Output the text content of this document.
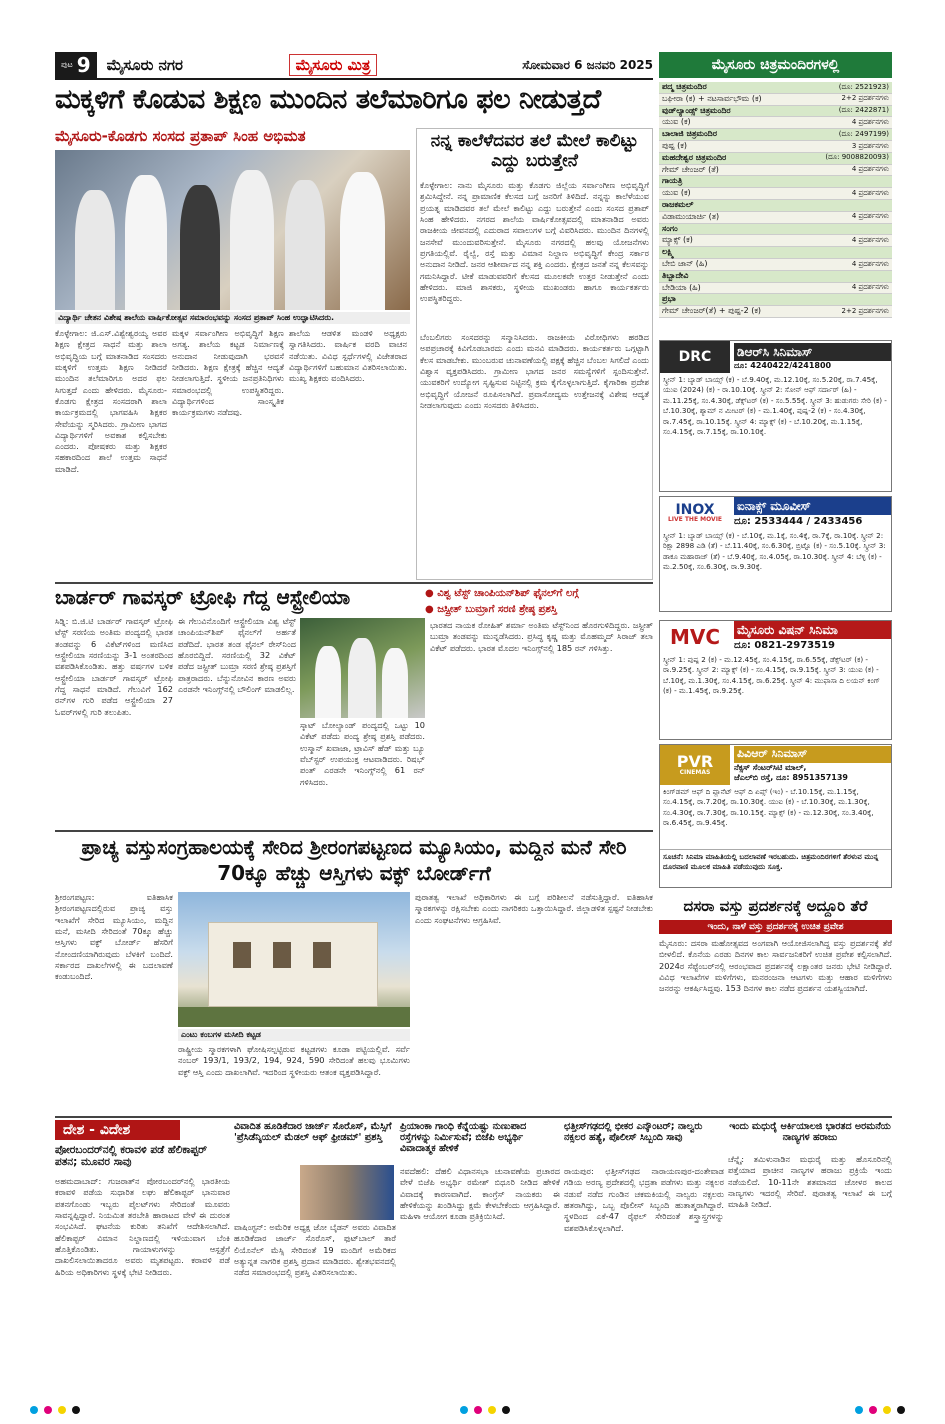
ಪುಟ 9 ಮೈಸೂರು ನಗರ	ಮೈಸೂರು ಮಿತ್ರ	ಸೋಮವಾರ 6 ಜನವರಿ 2025
ಮಕ್ಕಳಿಗೆ ಕೊಡುವ ಶಿಕ್ಷಣ ಮುಂದಿನ ತಲೆಮಾರಿಗೂ ಫಲ ನೀಡುತ್ತದೆ
ಮೈಸೂರು-ಕೊಡಗು ಸಂಸದ ಪ್ರತಾಪ್ ಸಿಂಹ ಅಭಿಮತ
ವಿದ್ಯಾರ್ಥಿ ಚೇತನ ವಿಶೇಷ ಶಾಲೆಯ ವಾರ್ಷಿಕೋತ್ಸವ ಸಮಾರಂಭವನ್ನು ಸಂಸದ ಪ್ರತಾಪ್ ಸಿಂಹ ಉದ್ಘಾಟಿಸಿದರು.
ಕೊಳ್ಳೇಗಾಲ: ಜಿ.ಎಸ್.ವಿಶ್ವೇಶ್ವರಯ್ಯ ಅವರ ಶಿಕ್ಷಣ ಕ್ಷೇತ್ರದ ಸಾಧನೆ ಮತ್ತು ಶಾಲಾ ಅಭಿವೃದ್ಧಿಯ ಬಗ್ಗೆ ಮಾತನಾಡಿದ ಸಂಸದರು ಮಕ್ಕಳಿಗೆ ಉತ್ತಮ ಶಿಕ್ಷಣ ನೀಡಿದರೆ ಮುಂದಿನ ತಲೆಮಾರಿಗೂ ಅದರ ಫಲ ಸಿಗುತ್ತದೆ ಎಂದು ಹೇಳಿದರು. ಮೈಸೂರು-ಕೊಡಗು ಕ್ಷೇತ್ರದ ಸಂಸದರಾಗಿ ಶಾಲಾ ಕಾರ್ಯಕ್ರಮದಲ್ಲಿ ಭಾಗವಹಿಸಿ ಶಿಕ್ಷಕರ ಸೇವೆಯನ್ನು ಸ್ಮರಿಸಿದರು. ಗ್ರಾಮೀಣ ಭಾಗದ ವಿದ್ಯಾರ್ಥಿಗಳಿಗೆ ಅವಕಾಶ ಕಲ್ಪಿಸಬೇಕು ಎಂದರು. ಪೋಷಕರು ಮತ್ತು ಶಿಕ್ಷಕರ ಸಹಕಾರದಿಂದ ಶಾಲೆ ಉತ್ತಮ ಸಾಧನೆ ಮಾಡಿದೆ.
ಮಕ್ಕಳ ಸರ್ವಾಂಗೀಣ ಅಭಿವೃದ್ಧಿಗೆ ಶಿಕ್ಷಣ ಅಗತ್ಯ. ಶಾಲೆಯ ಕಟ್ಟಡ ನಿರ್ಮಾಣಕ್ಕೆ ಅನುದಾನ ನೀಡುವುದಾಗಿ ಭರವಸೆ ನೀಡಿದರು. ಶಿಕ್ಷಣ ಕ್ಷೇತ್ರಕ್ಕೆ ಹೆಚ್ಚಿನ ಆದ್ಯತೆ ನೀಡಲಾಗುತ್ತಿದೆ. ಸ್ಥಳೀಯ ಜನಪ್ರತಿನಿಧಿಗಳು ಸಮಾರಂಭದಲ್ಲಿ ಉಪಸ್ಥಿತರಿದ್ದರು. ವಿದ್ಯಾರ್ಥಿಗಳಿಂದ ಸಾಂಸ್ಕೃತಿಕ ಕಾರ್ಯಕ್ರಮಗಳು ನಡೆದವು.
ಶಾಲೆಯ ಆಡಳಿತ ಮಂಡಳಿ ಅಧ್ಯಕ್ಷರು ಸ್ವಾಗತಿಸಿದರು. ವಾರ್ಷಿಕ ವರದಿ ವಾಚನ ನಡೆಯಿತು. ವಿವಿಧ ಸ್ಪರ್ಧೆಗಳಲ್ಲಿ ವಿಜೇತರಾದ ವಿದ್ಯಾರ್ಥಿಗಳಿಗೆ ಬಹುಮಾನ ವಿತರಿಸಲಾಯಿತು. ಮುಖ್ಯ ಶಿಕ್ಷಕರು ವಂದಿಸಿದರು.
ನನ್ನ ಕಾಲೆಳೆದವರ ತಲೆ ಮೇಲೆ ಕಾಲಿಟ್ಟು ಎದ್ದು ಬರುತ್ತೇನೆ
ಕೊಳ್ಳೇಗಾಲ: ನಾನು ಮೈಸೂರು ಮತ್ತು ಕೊಡಗು ಜಿಲ್ಲೆಯ ಸರ್ವಾಂಗೀಣ ಅಭಿವೃದ್ಧಿಗೆ ಶ್ರಮಿಸಿದ್ದೇನೆ. ನನ್ನ ಪ್ರಾಮಾಣಿಕ ಕೆಲಸದ ಬಗ್ಗೆ ಜನರಿಗೆ ತಿಳಿದಿದೆ. ನನ್ನನ್ನು ಕಾಲೆಳೆಯುವ ಪ್ರಯತ್ನ ಮಾಡಿದವರ ತಲೆ ಮೇಲೆ ಕಾಲಿಟ್ಟು ಎದ್ದು ಬರುತ್ತೇನೆ ಎಂದು ಸಂಸದ ಪ್ರತಾಪ್ ಸಿಂಹ ಹೇಳಿದರು. ನಗರದ ಶಾಲೆಯ ವಾರ್ಷಿಕೋತ್ಸವದಲ್ಲಿ ಮಾತನಾಡಿದ ಅವರು ರಾಜಕೀಯ ಜೀವನದಲ್ಲಿ ಎದುರಾದ ಸವಾಲುಗಳ ಬಗ್ಗೆ ವಿವರಿಸಿದರು. ಮುಂದಿನ ದಿನಗಳಲ್ಲಿ ಜನಸೇವೆ ಮುಂದುವರಿಸುತ್ತೇನೆ. ಮೈಸೂರು ನಗರದಲ್ಲಿ ಹಲವು ಯೋಜನೆಗಳು ಪ್ರಗತಿಯಲ್ಲಿವೆ. ರೈಲ್ವೆ, ರಸ್ತೆ ಮತ್ತು ವಿಮಾನ ನಿಲ್ದಾಣ ಅಭಿವೃದ್ಧಿಗೆ ಕೇಂದ್ರ ಸರ್ಕಾರ ಅನುದಾನ ನೀಡಿದೆ. ಜನರ ಆಶೀರ್ವಾದ ನನ್ನ ಶಕ್ತಿ ಎಂದರು. ಕ್ಷೇತ್ರದ ಜನತೆ ನನ್ನ ಕೆಲಸವನ್ನು ಗಮನಿಸಿದ್ದಾರೆ. ಟೀಕೆ ಮಾಡುವವರಿಗೆ ಕೆಲಸದ ಮೂಲಕವೇ ಉತ್ತರ ನೀಡುತ್ತೇನೆ ಎಂದು ಹೇಳಿದರು. ಮಾಜಿ ಶಾಸಕರು, ಸ್ಥಳೀಯ ಮುಖಂಡರು ಹಾಗೂ ಕಾರ್ಯಕರ್ತರು ಉಪಸ್ಥಿತರಿದ್ದರು.
ಬೆಂಬಲಿಗರು ಸಂಸದರನ್ನು ಸನ್ಮಾನಿಸಿದರು. ರಾಜಕೀಯ ವಿರೋಧಿಗಳು ಹರಡಿದ ಅಪಪ್ರಚಾರಕ್ಕೆ ಕಿವಿಗೊಡಬಾರದು ಎಂದು ಮನವಿ ಮಾಡಿದರು. ಕಾರ್ಯಕರ್ತರು ಒಗ್ಗಟ್ಟಾಗಿ ಕೆಲಸ ಮಾಡಬೇಕು. ಮುಂಬರುವ ಚುನಾವಣೆಯಲ್ಲಿ ಪಕ್ಷಕ್ಕೆ ಹೆಚ್ಚಿನ ಬೆಂಬಲ ಸಿಗಲಿದೆ ಎಂದು ವಿಶ್ವಾಸ ವ್ಯಕ್ತಪಡಿಸಿದರು. ಗ್ರಾಮೀಣ ಭಾಗದ ಜನರ ಸಮಸ್ಯೆಗಳಿಗೆ ಸ್ಪಂದಿಸುತ್ತೇನೆ. ಯುವಕರಿಗೆ ಉದ್ಯೋಗ ಸೃಷ್ಟಿಸುವ ನಿಟ್ಟಿನಲ್ಲಿ ಕ್ರಮ ಕೈಗೊಳ್ಳಲಾಗುತ್ತಿದೆ. ಕೈಗಾರಿಕಾ ಪ್ರದೇಶ ಅಭಿವೃದ್ಧಿಗೆ ಯೋಜನೆ ರೂಪಿಸಲಾಗಿದೆ. ಪ್ರವಾಸೋದ್ಯಮ ಉತ್ತೇಜನಕ್ಕೆ ವಿಶೇಷ ಆದ್ಯತೆ ನೀಡಲಾಗುವುದು ಎಂದು ಸಂಸದರು ತಿಳಿಸಿದರು.
ಬಾರ್ಡರ್ ಗಾವಸ್ಕರ್ ಟ್ರೋಫಿ ಗೆದ್ದ ಆಸ್ಟ್ರೇಲಿಯಾ	● ವಿಶ್ವ ಟೆಸ್ಟ್ ಚಾಂಪಿಯನ್‌ಶಿಪ್ ಫೈನಲ್‌ಗೆ ಲಗ್ಗೆ
● ಜಸ್ಪ್ರೀತ್ ಬುಮ್ರಾಗೆ ಸರಣಿ ಶ್ರೇಷ್ಠ ಪ್ರಶಸ್ತಿ
ಸಿಡ್ನಿ: ಬಿ.ಜಿ.ಟಿ ಬಾರ್ಡರ್ ಗಾವಸ್ಕರ್ ಟ್ರೋಫಿ ಟೆಸ್ಟ್ ಸರಣಿಯ ಅಂತಿಮ ಪಂದ್ಯದಲ್ಲಿ ಭಾರತ ತಂಡವನ್ನು 6 ವಿಕೆಟ್‌ಗಳಿಂದ ಮಣಿಸಿದ ಆಸ್ಟ್ರೇಲಿಯಾ ಸರಣಿಯನ್ನು 3-1 ಅಂತರದಿಂದ ವಶಪಡಿಸಿಕೊಂಡಿತು. ಹತ್ತು ವರ್ಷಗಳ ಬಳಿಕ ಆಸ್ಟ್ರೇಲಿಯಾ ಬಾರ್ಡರ್ ಗಾವಸ್ಕರ್ ಟ್ರೋಫಿ ಗೆದ್ದ ಸಾಧನೆ ಮಾಡಿದೆ. ಗೆಲುವಿಗೆ 162 ರನ್‌ಗಳ ಗುರಿ ಪಡೆದ ಆಸ್ಟ್ರೇಲಿಯಾ 27 ಓವರ್‌ಗಳಲ್ಲಿ ಗುರಿ ತಲುಪಿತು.
ಈ ಗೆಲುವಿನೊಂದಿಗೆ ಆಸ್ಟ್ರೇಲಿಯಾ ವಿಶ್ವ ಟೆಸ್ಟ್ ಚಾಂಪಿಯನ್‌ಶಿಪ್ ಫೈನಲ್‌ಗೆ ಅರ್ಹತೆ ಪಡೆದಿದೆ. ಭಾರತ ತಂಡ ಫೈನಲ್ ರೇಸ್‌ನಿಂದ ಹೊರಬಿದ್ದಿದೆ. ಸರಣಿಯಲ್ಲಿ 32 ವಿಕೆಟ್ ಪಡೆದ ಜಸ್ಪ್ರೀತ್ ಬುಮ್ರಾ ಸರಣಿ ಶ್ರೇಷ್ಠ ಪ್ರಶಸ್ತಿಗೆ ಪಾತ್ರರಾದರು. ಬೆನ್ನುನೋವಿನ ಕಾರಣ ಅವರು ಎರಡನೇ ಇನಿಂಗ್ಸ್‌ನಲ್ಲಿ ಬೌಲಿಂಗ್ ಮಾಡಲಿಲ್ಲ.
ಸ್ಕಾಟ್ ಬೋಲ್ಯಾಂಡ್ ಪಂದ್ಯದಲ್ಲಿ ಒಟ್ಟು 10 ವಿಕೆಟ್ ಪಡೆದು ಪಂದ್ಯ ಶ್ರೇಷ್ಠ ಪ್ರಶಸ್ತಿ ಪಡೆದರು. ಉಸ್ಮಾನ್ ಖವಾಜಾ, ಟ್ರಾವಿಸ್ ಹೆಡ್ ಮತ್ತು ಬ್ಯೂ ವೆಬ್‌ಸ್ಟರ್ ಉಪಯುಕ್ತ ಆಟವಾಡಿದರು. ರಿಷಭ್ ಪಂತ್ ಎರಡನೇ ಇನಿಂಗ್ಸ್‌ನಲ್ಲಿ 61 ರನ್ ಗಳಿಸಿದರು.
ಭಾರತದ ನಾಯಕ ರೋಹಿತ್ ಶರ್ಮಾ ಅಂತಿಮ ಟೆಸ್ಟ್‌ನಿಂದ ಹೊರಗುಳಿದಿದ್ದರು. ಜಸ್ಪ್ರೀತ್ ಬುಮ್ರಾ ತಂಡವನ್ನು ಮುನ್ನಡೆಸಿದರು. ಪ್ರಸಿದ್ಧ ಕೃಷ್ಣ ಮತ್ತು ಮೊಹಮ್ಮದ್ ಸಿರಾಜ್ ತಲಾ ವಿಕೆಟ್ ಪಡೆದರು. ಭಾರತ ಮೊದಲ ಇನಿಂಗ್ಸ್‌ನಲ್ಲಿ 185 ರನ್ ಗಳಿಸಿತ್ತು.
ಪ್ರಾಚ್ಯ ವಸ್ತುಸಂಗ್ರಹಾಲಯಕ್ಕೆ ಸೇರಿದ ಶ್ರೀರಂಗಪಟ್ಟಣದ ಮ್ಯೂಸಿಯಂ, ಮದ್ದಿನ ಮನೆ ಸೇರಿ 70ಕ್ಕೂ ಹೆಚ್ಚು ಆಸ್ತಿಗಳು ವಕ್ಫ್ ಬೋರ್ಡ್‌ಗೆ
ಶ್ರೀರಂಗಪಟ್ಟಣ: ಐತಿಹಾಸಿಕ ಶ್ರೀರಂಗಪಟ್ಟಣದಲ್ಲಿರುವ ಪ್ರಾಚ್ಯ ವಸ್ತು ಇಲಾಖೆಗೆ ಸೇರಿದ ಮ್ಯೂಸಿಯಂ, ಮದ್ದಿನ ಮನೆ, ಮಸೀದಿ ಸೇರಿದಂತೆ 70ಕ್ಕೂ ಹೆಚ್ಚು ಆಸ್ತಿಗಳು ವಕ್ಫ್ ಬೋರ್ಡ್ ಹೆಸರಿಗೆ ನೋಂದಣಿಯಾಗಿರುವುದು ಬೆಳಕಿಗೆ ಬಂದಿದೆ. ಸರ್ಕಾರದ ದಾಖಲೆಗಳಲ್ಲಿ ಈ ಬದಲಾವಣೆ ಕಂಡುಬಂದಿದೆ.
ಎಂಟು ಕಂಬಗಳ ಮಸೀದಿ ಕಟ್ಟಡ
ರಾಷ್ಟ್ರೀಯ ಸ್ಮಾರಕಗಳಾಗಿ ಘೋಷಿಸಲ್ಪಟ್ಟಿರುವ ಕಟ್ಟಡಗಳು ಕೂಡಾ ಪಟ್ಟಿಯಲ್ಲಿವೆ. ಸರ್ವೆ ನಂಬರ್ 193/1, 193/2, 194, 924, 590 ಸೇರಿದಂತೆ ಹಲವು ಭೂಮಿಗಳು ವಕ್ಫ್ ಆಸ್ತಿ ಎಂದು ದಾಖಲಾಗಿವೆ. ಇದರಿಂದ ಸ್ಥಳೀಯರು ಆತಂಕ ವ್ಯಕ್ತಪಡಿಸಿದ್ದಾರೆ.
ಪುರಾತತ್ವ ಇಲಾಖೆ ಅಧಿಕಾರಿಗಳು ಈ ಬಗ್ಗೆ ಪರಿಶೀಲನೆ ನಡೆಸುತ್ತಿದ್ದಾರೆ. ಐತಿಹಾಸಿಕ ಸ್ಮಾರಕಗಳನ್ನು ರಕ್ಷಿಸಬೇಕು ಎಂದು ನಾಗರಿಕರು ಒತ್ತಾಯಿಸಿದ್ದಾರೆ. ಜಿಲ್ಲಾಡಳಿತ ಸ್ಪಷ್ಟನೆ ನೀಡಬೇಕು ಎಂದು ಸಂಘಟನೆಗಳು ಆಗ್ರಹಿಸಿವೆ.
ಮೈಸೂರು ಚಿತ್ರಮಂದಿರಗಳಲ್ಲಿ
ಪದ್ಮ ಚಿತ್ರಮಂದಿರ	(ದೂ: 2521923)
ಬಘೀರಾ (ಕ) + ನಟಸಾರ್ವಭೌಮ (ಕ)	2+2 ಪ್ರದರ್ಶನಗಳು
ವುಡ್‌ಲ್ಯಾಂಡ್ಸ್ ಚಿತ್ರಮಂದಿರ	(ದೂ: 2422871)
ಯುಐ (ಕ)	4 ಪ್ರದರ್ಶನಗಳು
ಬಾಲಾಜಿ ಚಿತ್ರಮಂದಿರ	(ದೂ: 2497199)
ಪುಷ್ಪ (ಕ)	3 ಪ್ರದರ್ಶನಗಳು
ಮಹದೇಶ್ವರ ಚಿತ್ರಮಂದಿರ	(ದೂ: 9008820093)
ಗೇಮ್ ಚೇಂಜರ್ (ತೆ)	4 ಪ್ರದರ್ಶನಗಳು
ಗಾಯತ್ರಿ
ಯುಐ (ಕ)	4 ಪ್ರದರ್ಶನಗಳು
ರಾಜಕಮಲ್
ವಿಡಾಮುಯಾರ್ಚಿ (ತ)	4 ಪ್ರದರ್ಶನಗಳು
ಸಂಗಂ
ಮ್ಯಾಕ್ಸ್ (ಕ)	4 ಪ್ರದರ್ಶನಗಳು
ಲಕ್ಷ್ಮಿ
ಬೇಬಿ ಜಾನ್ (ಹಿ)	4 ಪ್ರದರ್ಶನಗಳು
ತಿಬ್ಬಾದೇವಿ
ಬೇಡಿಯಾ (ಹಿ)	4 ಪ್ರದರ್ಶನಗಳು
ಪ್ರಭಾ
ಗೇಮ್ ಚೇಂಜರ್(ತೆ) + ಪುಷ್ಪ-2 (ಕ)	2+2 ಪ್ರದರ್ಶನಗಳು
DRC	ಡಿಆರ್‌ಸಿ ಸಿನಿಮಾಸ್
ದೂ: 4240422/4241800
ಸ್ಕ್ರೀನ್ 1: ಬ್ಯಾಡ್ ಬಾಯ್ಸ್ (ಕ) - ಬೆ.9.40ಕ್ಕೆ, ಮ.12.10ಕ್ಕೆ, ಸಂ.5.20ಕ್ಕೆ, ರಾ.7.45ಕ್ಕೆ, ಯುಐ (2024) (ಕ) - ರಾ.10.10ಕ್ಕೆ. ಸ್ಕ್ರೀನ್ 2: ಸೋನ್ ಆಫ್ ಸರ್ದಾರ್ (ಹಿ) - ಮ.11.25ಕ್ಕೆ, ಸಂ.4.30ಕ್ಕೆ, ಡೆಕ್ಸ್‌ಟರ್ (ಕ) - ಸಂ.5.55ಕ್ಕೆ. ಸ್ಕ್ರೀನ್ 3: ಹುಡುಗರು ಸೇರಿ (ಕ) - ಬೆ.10.30ಕ್ಕೆ, ಶ್ಯಾಮ್ ನ ಮೀಟರ್ (ಕ) - ಮ.1.40ಕ್ಕೆ, ಪುಷ್ಪ-2 (ಕ) - ಸಂ.4.30ಕ್ಕೆ, ರಾ.7.45ಕ್ಕೆ, ರಾ.10.15ಕ್ಕೆ. ಸ್ಕ್ರೀನ್ 4: ಮ್ಯಾಕ್ಸ್ (ಕ) - ಬೆ.10.20ಕ್ಕೆ, ಮ.1.15ಕ್ಕೆ, ಸಂ.4.15ಕ್ಕೆ, ರಾ.7.15ಕ್ಕೆ, ರಾ.10.10ಕ್ಕೆ.
INOX
LIVE THE MOVIE
ಐನಾಕ್ಸ್ ಮೂವೀಸ್
ದೂ: 2533444 / 2433456
ಸ್ಕ್ರೀನ್ 1: ಬ್ಯಾಡ್ ಬಾಯ್ಸ್ (ಕ) - ಬೆ.10ಕ್ಕೆ, ಮ.1ಕ್ಕೆ, ಸಂ.4ಕ್ಕೆ, ರಾ.7ಕ್ಕೆ, ರಾ.10ಕ್ಕೆ. ಸ್ಕ್ರೀನ್ 2: ರಿಕ್ಷಾ 2898 ಎಡಿ (ತೆ) - ಬೆ.11.40ಕ್ಕೆ, ಸಂ.6.30ಕ್ಕೆ, ಬ್ರಿಟ್ಟೊ (ಕ) - ಸಂ.5.10ಕ್ಕೆ. ಸ್ಕ್ರೀನ್ 3: ಡಾಕೂ ಮಹಾರಾಜ್ (ತೆ) - ಬೆ.9.40ಕ್ಕೆ, ಸಂ.4.05ಕ್ಕೆ, ರಾ.10.30ಕ್ಕೆ. ಸ್ಕ್ರೀನ್ 4: ಬೆಳ್ಳಿ (ಕ) - ಮ.2.50ಕ್ಕೆ, ಸಂ.6.30ಕ್ಕೆ, ರಾ.9.30ಕ್ಕೆ.
MVC	ಮೈಸೂರು ವಿಷನ್ ಸಿನಿಮಾ
ದೂ: 0821-2973519
ಸ್ಕ್ರೀನ್ 1: ಪುಷ್ಪ 2 (ಕ) - ಮ.12.45ಕ್ಕೆ, ಸಂ.4.15ಕ್ಕೆ, ರಾ.6.55ಕ್ಕೆ, ಡೆಕ್ಸ್‌ಟರ್ (ಕ) - ರಾ.9.25ಕ್ಕೆ. ಸ್ಕ್ರೀನ್ 2: ಮ್ಯಾಕ್ಸ್ (ಕ) - ಸಂ.4.15ಕ್ಕೆ, ರಾ.9.15ಕ್ಕೆ. ಸ್ಕ್ರೀನ್ 3: ಯುಐ (ಕ) - ಬೆ.10ಕ್ಕೆ, ಮ.1.30ಕ್ಕೆ, ಸಂ.4.15ಕ್ಕೆ, ರಾ.6.25ಕ್ಕೆ. ಸ್ಕ್ರೀನ್ 4: ಮುಫಾಸಾ ದಿ ಲಯನ್ ಕಿಂಗ್ (ಕ) - ಮ.1.45ಕ್ಕೆ, ರಾ.9.25ಕ್ಕೆ.
PVR
CINEMAS
ಪಿವಿಆರ್ ಸಿನಿಮಾಸ್
ನೆಕ್ಸಸ್ ಸೆಂಟರ್‌ಸಿಟಿ ಮಾಲ್,
ಜೆಎಲ್‌ಬಿ ರಸ್ತೆ, ದೂ: 8951357139
ಕಿಂಗ್‌ಡಮ್ ಆಫ್ ದಿ ಪ್ಲಾನೆಟ್ ಆಫ್ ದಿ ಏಪ್ಸ್ (ಇಂ) - ಬೆ.10.15ಕ್ಕೆ, ಮ.1.15ಕ್ಕೆ, ಸಂ.4.15ಕ್ಕೆ, ರಾ.7.20ಕ್ಕೆ, ರಾ.10.30ಕ್ಕೆ. ಯುಐ (ಕ) - ಬೆ.10.30ಕ್ಕೆ, ಮ.1.30ಕ್ಕೆ, ಸಂ.4.30ಕ್ಕೆ, ರಾ.7.30ಕ್ಕೆ, ರಾ.10.15ಕ್ಕೆ. ಮ್ಯಾಕ್ಸ್ (ಕ) - ಮ.12.30ಕ್ಕೆ, ಸಂ.3.40ಕ್ಕೆ, ರಾ.6.45ಕ್ಕೆ, ರಾ.9.45ಕ್ಕೆ.
ಸೂಚನೆ: ಸಿನಿಮಾ ಮಾಹಿತಿಯಲ್ಲಿ ಬದಲಾವಣೆ ಇರಬಹುದು. ಚಿತ್ರಮಂದಿರಗಳಿಗೆ ತೆರಳುವ ಮುನ್ನ ದೂರವಾಣಿ ಮೂಲಕ ಮಾಹಿತಿ ಪಡೆಯುವುದು ಸೂಕ್ತ.
ದಸರಾ ವಸ್ತು ಪ್ರದರ್ಶನಕ್ಕೆ ಅದ್ದೂರಿ ತೆರೆ
ಇಂದು, ನಾಳೆ ವಸ್ತು ಪ್ರದರ್ಶನಕ್ಕೆ ಉಚಿತ ಪ್ರವೇಶ
ಮೈಸೂರು: ದಸರಾ ಮಹೋತ್ಸವದ ಅಂಗವಾಗಿ ಆಯೋಜಿಸಲಾಗಿದ್ದ ವಸ್ತು ಪ್ರದರ್ಶನಕ್ಕೆ ತೆರೆ ಬೀಳಲಿದೆ. ಕೊನೆಯ ಎರಡು ದಿನಗಳ ಕಾಲ ಸಾರ್ವಜನಿಕರಿಗೆ ಉಚಿತ ಪ್ರವೇಶ ಕಲ್ಪಿಸಲಾಗಿದೆ. 2024ರ ಸೆಪ್ಟೆಂಬರ್‌ನಲ್ಲಿ ಆರಂಭವಾದ ಪ್ರದರ್ಶನಕ್ಕೆ ಲಕ್ಷಾಂತರ ಜನರು ಭೇಟಿ ನೀಡಿದ್ದಾರೆ. ವಿವಿಧ ಇಲಾಖೆಗಳ ಮಳಿಗೆಗಳು, ಮನರಂಜನಾ ಆಟಗಳು ಮತ್ತು ಆಹಾರ ಮಳಿಗೆಗಳು ಜನರನ್ನು ಆಕರ್ಷಿಸಿದ್ದವು. 153 ದಿನಗಳ ಕಾಲ ನಡೆದ ಪ್ರದರ್ಶನ ಯಶಸ್ವಿಯಾಗಿದೆ.
ದೇಶ - ವಿದೇಶ
ಪೋರಬಂದರ್‌ನಲ್ಲಿ ಕರಾವಳಿ ಪಡೆ ಹೆಲಿಕಾಪ್ಟರ್ ಪತನ; ಮೂವರ ಸಾವು
ಅಹಮದಾಬಾದ್: ಗುಜರಾತ್‌ನ ಪೋರಬಂದರ್‌ನಲ್ಲಿ ಭಾರತೀಯ ಕರಾವಳಿ ಪಡೆಯ ಸುಧಾರಿತ ಲಘು ಹೆಲಿಕಾಪ್ಟರ್ ಭಾನುವಾರ ಪತನಗೊಂಡು ಇಬ್ಬರು ಪೈಲಟ್‌ಗಳು ಸೇರಿದಂತೆ ಮೂವರು ಸಾವನ್ನಪ್ಪಿದ್ದಾರೆ. ನಿಯಮಿತ ತರಬೇತಿ ಹಾರಾಟದ ವೇಳೆ ಈ ದುರಂತ ಸಂಭವಿಸಿದೆ. ಘಟನೆಯ ಕುರಿತು ತನಿಖೆಗೆ ಆದೇಶಿಸಲಾಗಿದೆ. ಹೆಲಿಕಾಪ್ಟರ್ ವಿಮಾನ ನಿಲ್ದಾಣದಲ್ಲಿ ಇಳಿಯುವಾಗ ಬೆಂಕಿ ಹೊತ್ತಿಕೊಂಡಿತು. ಗಾಯಾಳುಗಳನ್ನು ಆಸ್ಪತ್ರೆಗೆ ದಾಖಲಿಸಲಾಯಿತಾದರೂ ಅವರು ಮೃತಪಟ್ಟರು. ಕರಾವಳಿ ಪಡೆ ಹಿರಿಯ ಅಧಿಕಾರಿಗಳು ಸ್ಥಳಕ್ಕೆ ಭೇಟಿ ನೀಡಿದರು.
ವಿವಾದಿತ ಹೂಡಿಕೆದಾರ ಜಾರ್ಜ್ ಸೊರೊಸ್, ಮೆಸ್ಸಿಗೆ 'ಪ್ರೆಸಿಡೆನ್ಶಿಯಲ್ ಮೆಡಲ್ ಆಫ್ ಫ್ರೀಡಮ್' ಪ್ರಶಸ್ತಿ
ವಾಷಿಂಗ್ಟನ್: ಅಮೆರಿಕ ಅಧ್ಯಕ್ಷ ಜೋ ಬೈಡನ್ ಅವರು ವಿವಾದಿತ ಹೂಡಿಕೆದಾರ ಜಾರ್ಜ್ ಸೊರೊಸ್, ಫುಟ್‌ಬಾಲ್ ತಾರೆ ಲಿಯೊನೆಲ್ ಮೆಸ್ಸಿ ಸೇರಿದಂತೆ 19 ಮಂದಿಗೆ ಅಮೆರಿಕದ ಅತ್ಯುನ್ನತ ನಾಗರಿಕ ಪ್ರಶಸ್ತಿ ಪ್ರದಾನ ಮಾಡಿದರು. ಶ್ವೇತಭವನದಲ್ಲಿ ನಡೆದ ಸಮಾರಂಭದಲ್ಲಿ ಪ್ರಶಸ್ತಿ ವಿತರಿಸಲಾಯಿತು.
ಪ್ರಿಯಾಂಕಾ ಗಾಂಧಿ ಕೆನ್ನೆಯಷ್ಟು ನುಣುಪಾದ ರಸ್ತೆಗಳನ್ನು ನಿರ್ಮಿಸುವೆ; ಬಿಜೆಪಿ ಅಭ್ಯರ್ಥಿ ವಿವಾದಾತ್ಮಕ ಹೇಳಿಕೆ
ನವದೆಹಲಿ: ದೆಹಲಿ ವಿಧಾನಸಭಾ ಚುನಾವಣೆಯ ಪ್ರಚಾರದ ವೇಳೆ ಬಿಜೆಪಿ ಅಭ್ಯರ್ಥಿ ರಮೇಶ್ ಬಿಧೂರಿ ನೀಡಿದ ಹೇಳಿಕೆ ವಿವಾದಕ್ಕೆ ಕಾರಣವಾಗಿದೆ. ಕಾಂಗ್ರೆಸ್ ನಾಯಕರು ಈ ಹೇಳಿಕೆಯನ್ನು ಖಂಡಿಸಿದ್ದು ಕ್ಷಮೆ ಕೇಳಬೇಕೆಂದು ಆಗ್ರಹಿಸಿದ್ದಾರೆ. ಮಹಿಳಾ ಆಯೋಗ ಕೂಡಾ ಪ್ರತಿಕ್ರಿಯಿಸಿದೆ.
ಛತ್ತೀಸ್‌ಗಢದಲ್ಲಿ ಭೀಕರ ಎನ್ಕೌಂಟರ್; ನಾಲ್ವರು ನಕ್ಸಲರ ಹತ್ಯೆ, ಪೊಲೀಸ್ ಸಿಬ್ಬಂದಿ ಸಾವು
ರಾಯಪುರ: ಛತ್ತೀಸ್‌ಗಢದ ನಾರಾಯಣಪುರ-ದಂತೇವಾಡ ಗಡಿಯ ಅರಣ್ಯ ಪ್ರದೇಶದಲ್ಲಿ ಭದ್ರತಾ ಪಡೆಗಳು ಮತ್ತು ನಕ್ಸಲರ ನಡುವೆ ನಡೆದ ಗುಂಡಿನ ಚಕಮಕಿಯಲ್ಲಿ ನಾಲ್ವರು ನಕ್ಸಲರು ಹತರಾಗಿದ್ದು, ಒಬ್ಬ ಪೊಲೀಸ್ ಸಿಬ್ಬಂದಿ ಹುತಾತ್ಮರಾಗಿದ್ದಾರೆ. ಸ್ಥಳದಿಂದ ಎಕೆ-47 ರೈಫಲ್ ಸೇರಿದಂತೆ ಶಸ್ತ್ರಾಸ್ತ್ರಗಳನ್ನು ವಶಪಡಿಸಿಕೊಳ್ಳಲಾಗಿದೆ.
ಇಂದು ಮಧುರೈ ಆರ್ಕಿಯಾಲಜಿ ಭಾರತದ ಅರಮನೆಯ ನಾಣ್ಯಗಳ ಹರಾಜು
ಚೆನ್ನೈ: ತಮಿಳುನಾಡಿನ ಮಧುರೈ ಮತ್ತು ಹೊಸೂರಿನಲ್ಲಿ ಪತ್ತೆಯಾದ ಪ್ರಾಚೀನ ನಾಣ್ಯಗಳ ಹರಾಜು ಪ್ರಕ್ರಿಯೆ ಇಂದು ನಡೆಯಲಿದೆ. 10-11ನೇ ಶತಮಾನದ ಚೋಳರ ಕಾಲದ ನಾಣ್ಯಗಳು ಇದರಲ್ಲಿ ಸೇರಿವೆ. ಪುರಾತತ್ವ ಇಲಾಖೆ ಈ ಬಗ್ಗೆ ಮಾಹಿತಿ ನೀಡಿದೆ.
